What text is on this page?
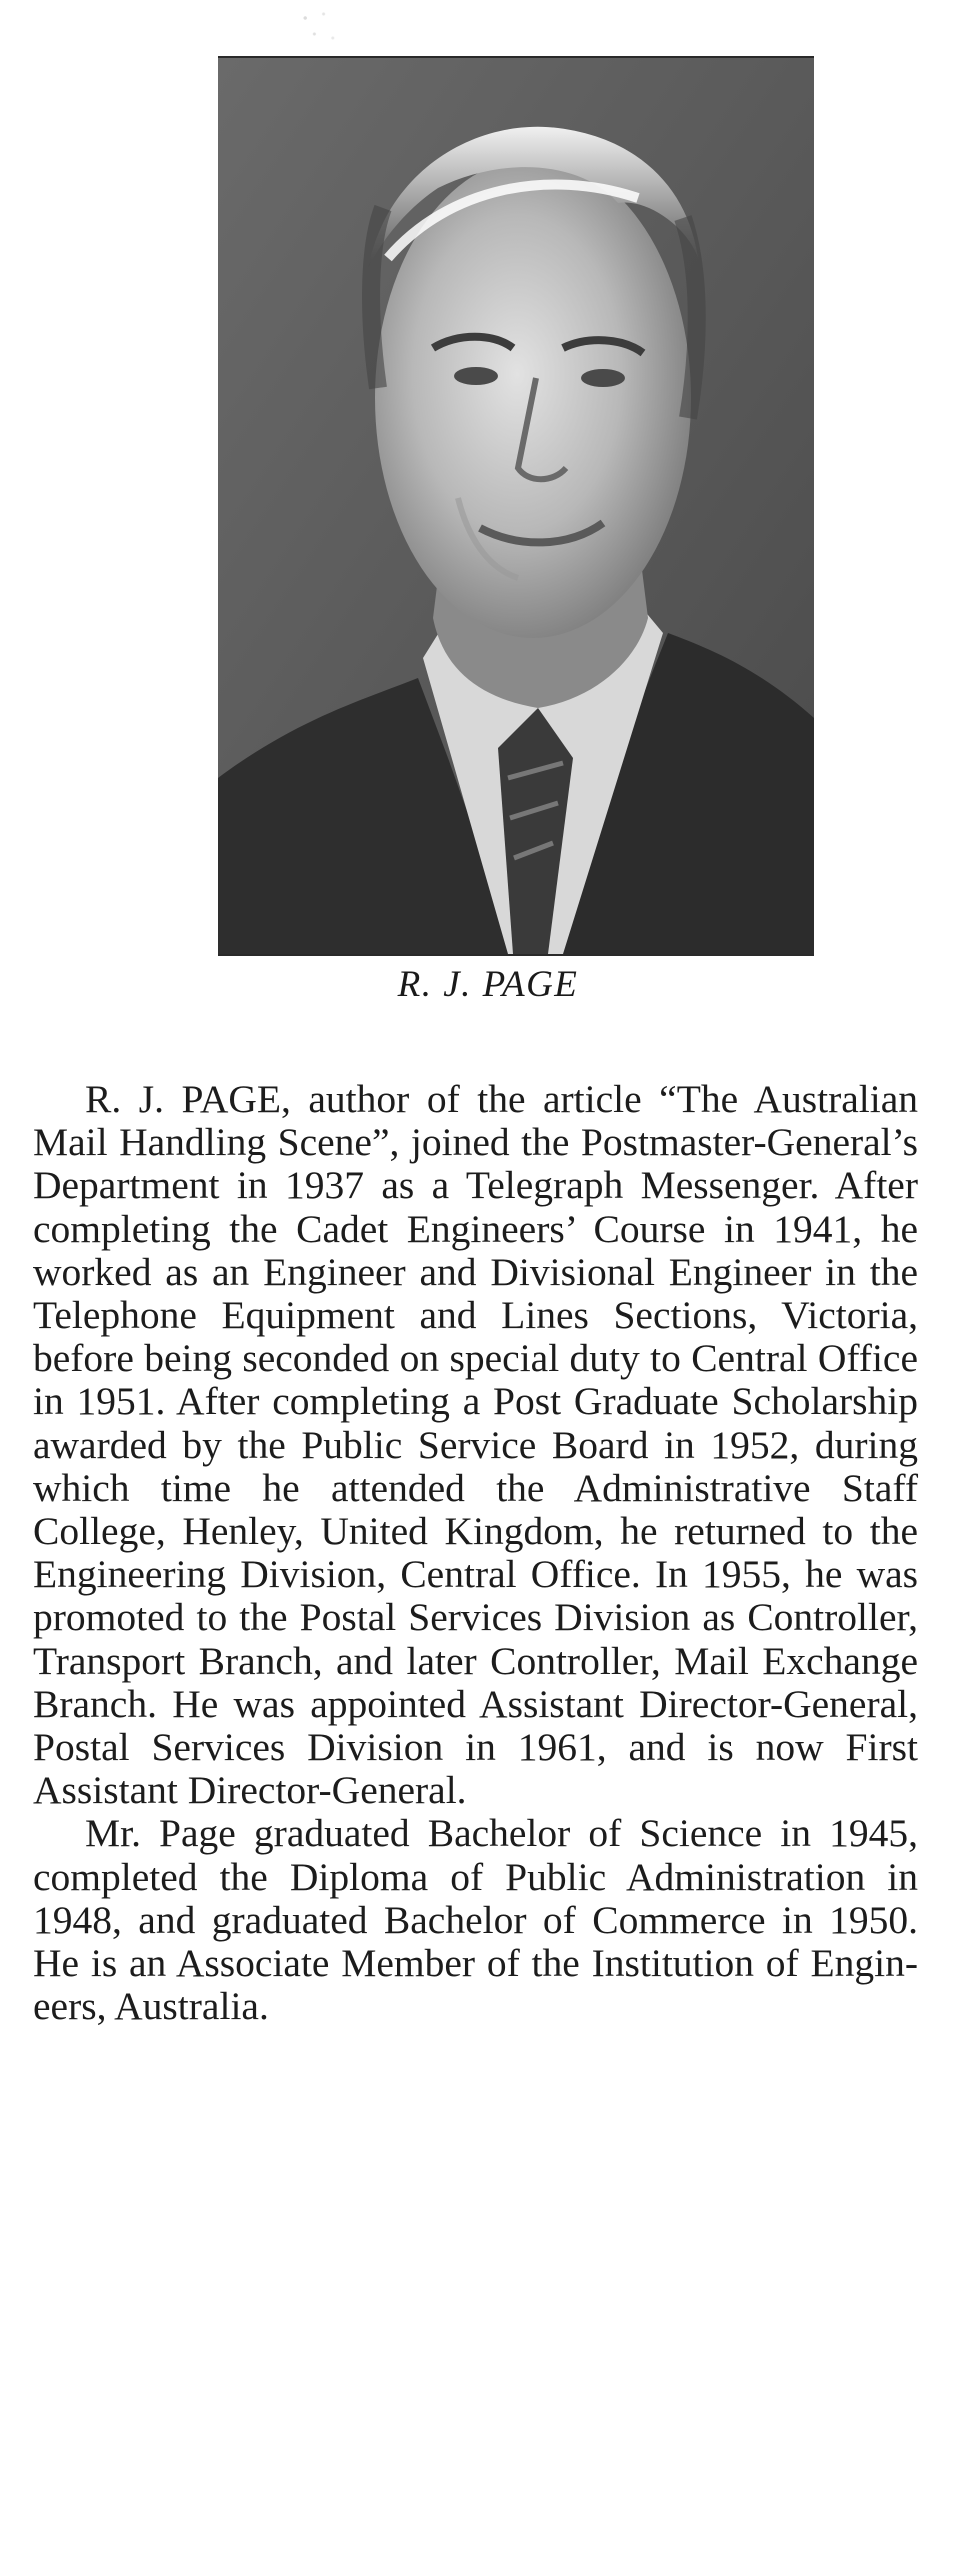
R. J. PAGE

R. J. PAGE, author of the article “The Australian Mail Handling Scene”, joined the Postmaster-General’s Department in 1937 as a Telegraph Messenger. After completing the Cadet Engineers’ Course in 1941, he worked as an Engineer and Divisional Engineer in the Telephone Equipment and Lines Sections, Victoria, before being seconded on special duty to Central Office in 1951. After completing a Post Graduate Scholarship awarded by the Public Service Board in 1952, during which time he attended the Administrative Staff College, Henley, United Kingdom, he returned to the Engineering Division, Central Office. In 1955, he was promoted to the Postal Services Division as Controller, Transport Branch, and later Controller, Mail Exchange Branch. He was appointed Assistant Director-General, Postal Services Division in 1961, and is now First Assistant Director-General.

Mr. Page graduated Bachelor of Science in 1945, completed the Diploma of Public Administration in 1948, and graduated Bachelor of Commerce in 1950. He is an Associate Member of the Institution of Engineers, Australia.
